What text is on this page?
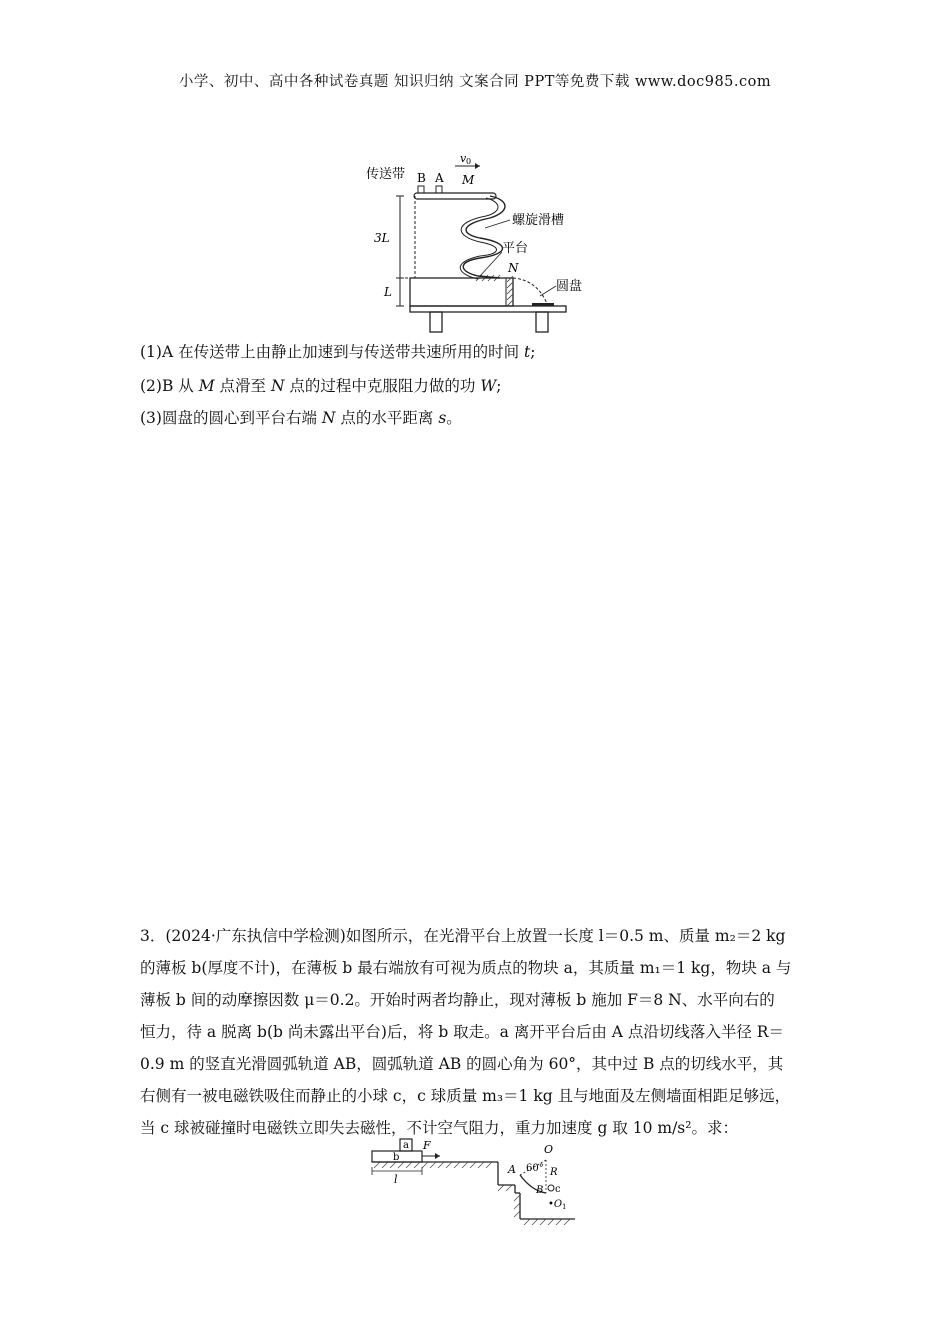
小学、初中、高中各种试卷真题 知识归纳 文案合同 PPT等免费下载 www.doc985.com
传送带 B A
v 0
M
螺旋滑槽
3L
平台
N
L	圆盘
(1)A 在传送带上由静止加速到与传送带共速所用的时间 t;
(2)B 从 M 点滑至 N 点的过程中克服阻力做的功 W;
(3)圆盘的圆心到平台右端 N 点的水平距离 s。
3．(2024·广东执信中学检测)如图所示，在光滑平台上放置一长度 l＝0.5 m、质量 m₂＝2 kg
的薄板 b(厚度不计)，在薄板 b 最右端放有可视为质点的物块 a，其质量 m₁＝1 kg，物块 a 与
薄板 b 间的动摩擦因数 μ＝0.2。开始时两者均静止，现对薄板 b 施加 F＝8 N、水平向右的
恒力，待 a 脱离 b(b 尚未露出平台)后，将 b 取走。a 离开平台后由 A 点沿切线落入半径 R＝
0.9 m 的竖直光滑圆弧轨道 AB，圆弧轨道 AB 的圆心角为 60°，其中过 B 点的切线水平，其
右侧有一被电磁铁吸住而静止的小球 c，c 球质量 m₃＝1 kg 且与地面及左侧墙面相距足够远，
当 c 球被碰撞时电磁铁立即失去磁性，不计空气阻力，重力加速度 g 取 10 m/s²。求：
a
b
F
l
O
A 60° R
B c
•O 1
